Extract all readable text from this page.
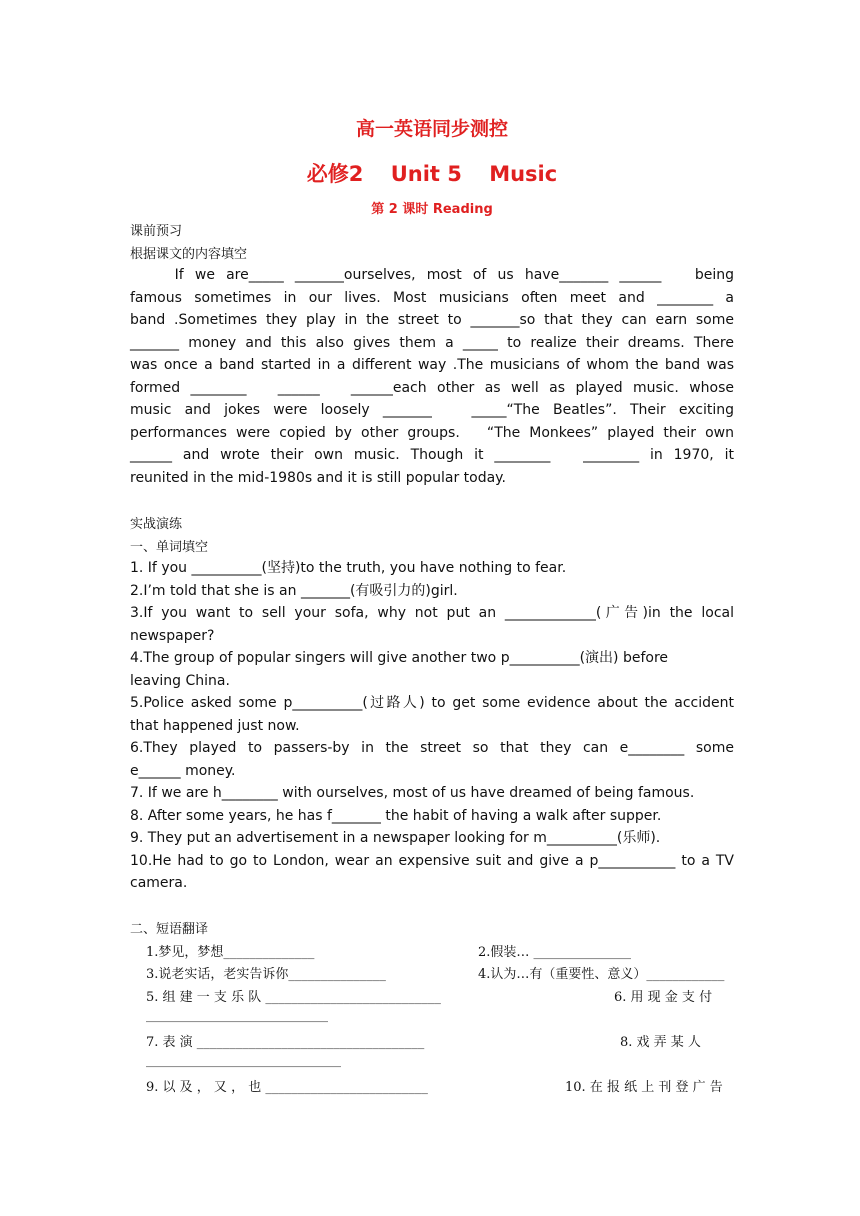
高一英语同步测控
必修2 Unit 5 Music
第 2 课时 Reading
课前预习
根据课文的内容填空
If we are_____ _______ourselves, most of us have_______ ______   being
famous sometimes in our lives. Most musicians often meet and ________ a
band .Sometimes they play in the street to _______so that they can earn some
_______ money and this also gives them a _____ to realize their dreams. There
was once a band started in a different way .The musicians of whom the band was
formed ________   ______   ______each other as well as played music. whose
music and jokes were loosely _______   _____“The Beatles”. Their exciting
performances were copied by other groups.   “The Monkees” played their own
______ and wrote their own music. Though it ________   ________ in 1970, it
reunited in the mid-1980s and it is still popular today.
实战演练
一、单词填空
1. If you __________(坚持)to the truth, you have nothing to fear.
2.I’m told that she is an _______(有吸引力的)girl.
3.If you want to sell your sofa, why not put an _____________(广告)in the local
newspaper?
4.The group of popular singers will give another two p__________(演出) before
leaving China.
5.Police asked some p__________(过路人) to get some evidence about the accident
that happened just now.
6.They played to passers-by in the street so that they can e________ some
e______ money.
7. If we are h________ with ourselves, most of us have dreamed of being famous.
8. After some years, he has f_______ the habit of having a walk after supper.
9. They put an advertisement in a newspaper looking for m__________(乐师).
10.He had to go to London, wear an expensive suit and give a p___________ to a TV
camera.
二、短语翻译
1.梦见，梦想______________	2.假装… _______________
3.说老实话，老实告诉你_______________	4.认为…有（重要性、意义）____________
5. 组 建 一 支 乐 队 ___________________________	6. 用 现 金 支 付
____________________________
7. 表 演 ___________________________________	8. 戏 弄 某 人
______________________________
9. 以 及 ， 又 ， 也 _________________________	10. 在 报 纸 上 刊 登 广 告
